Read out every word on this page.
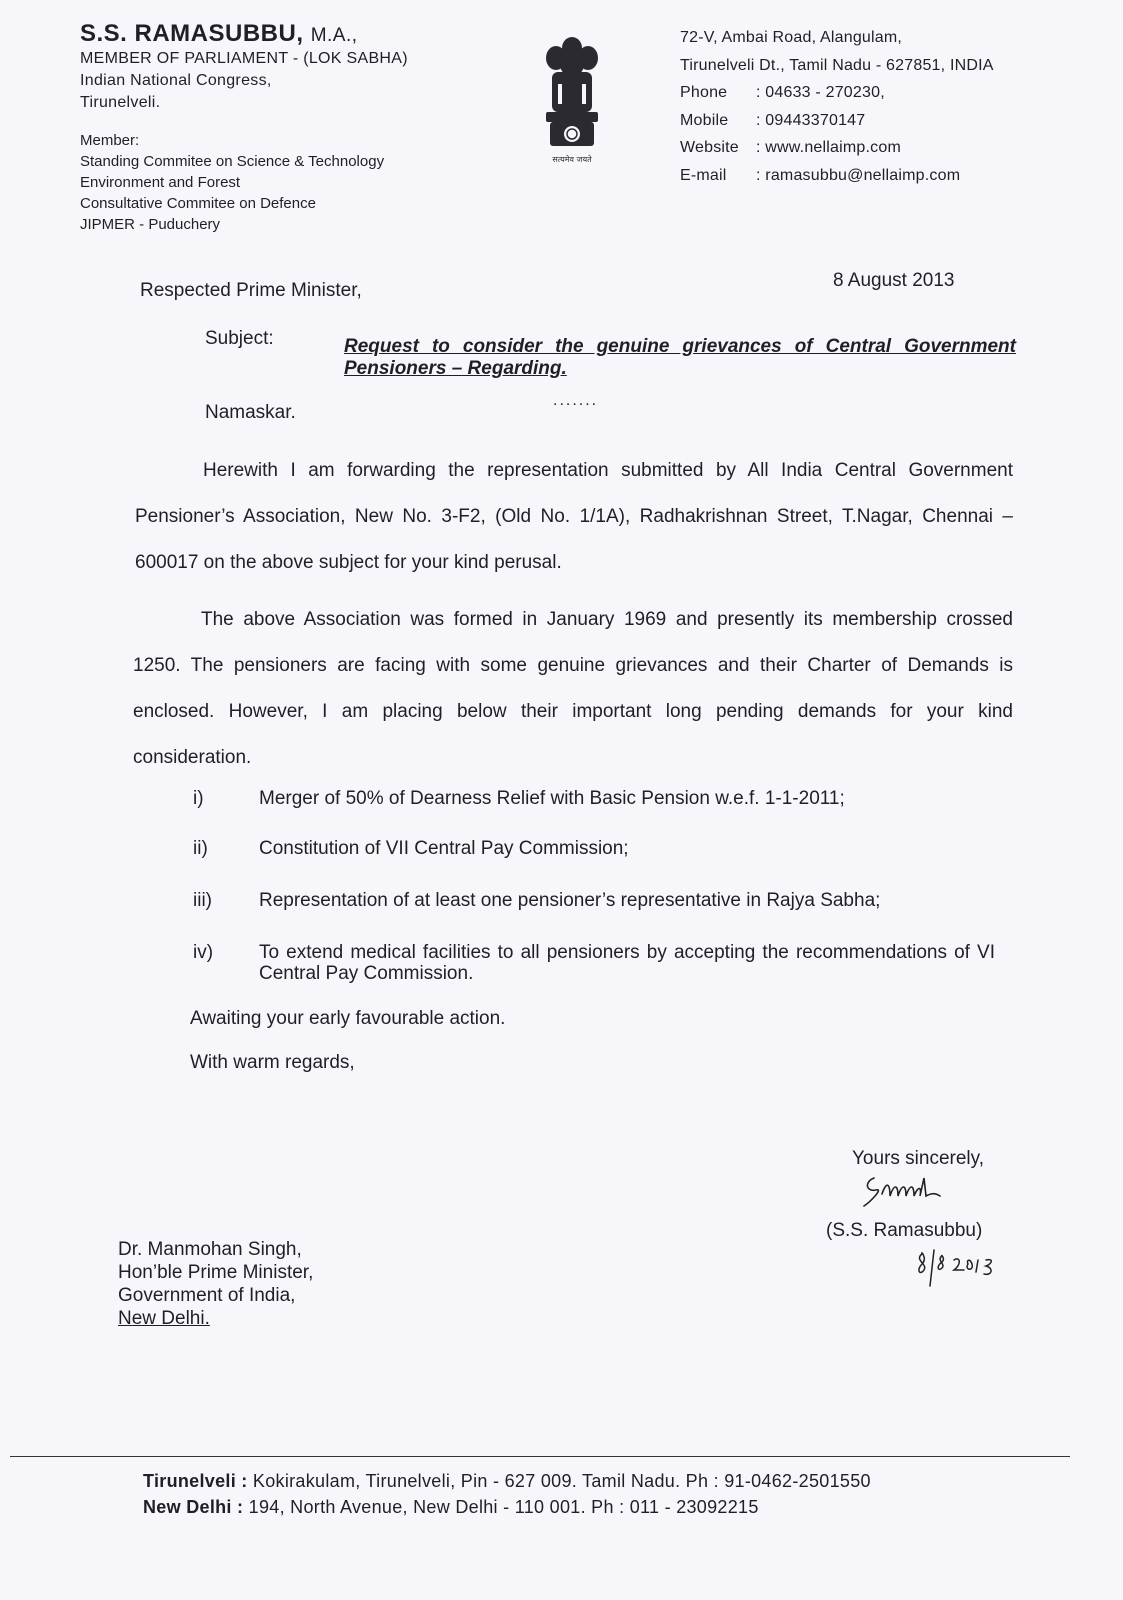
S.S. RAMASUBBU, M.A.,
MEMBER OF PARLIAMENT - (LOK SABHA)
Indian National Congress,
Tirunelveli.
Member:
Standing Commitee on Science & Technology
Environment and Forest
Consultative Commitee on Defence
JIPMER - Puduchery
सत्यमेव जयते
72-V, Ambai Road, Alangulam,
Tirunelveli Dt., Tamil Nadu - 627851, INDIA
Phone	: 04633 - 270230,
Mobile	: 09443370147
Website	: www.nellaimp.com
E-mail	: ramasubbu@nellaimp.com
8 August 2013
Respected Prime Minister,
Subject:	Request to consider the genuine grievances of Central Government Pensioners – Regarding.
.......
Namaskar.
Herewith I am forwarding the representation submitted by All India Central Government Pensioner’s Association, New No. 3-F2, (Old No. 1/1A), Radhakrishnan Street, T.Nagar, Chennai – 600017 on the above subject for your kind perusal.
The above Association was formed in January 1969 and presently its membership crossed 1250. The pensioners are facing with some genuine grievances and their Charter of Demands is enclosed. However, I am placing below their important long pending demands for your kind consideration.
i)	Merger of 50% of Dearness Relief with Basic Pension w.e.f. 1-1-2011;
ii)	Constitution of VII Central Pay Commission;
iii) Representation of at least one pensioner’s representative in Rajya Sabha;
iv) To extend medical facilities to all pensioners by accepting the recommendations of VI Central Pay Commission.
Awaiting your early favourable action.
With warm regards,
Yours sincerely,
(S.S. Ramasubbu)
Dr. Manmohan Singh,
Hon’ble Prime Minister,
Government of India,
New Delhi.
Tirunelveli : Kokirakulam, Tirunelveli, Pin - 627 009. Tamil Nadu. Ph : 91-0462-2501550
New Delhi : 194, North Avenue, New Delhi - 110 001. Ph : 011 - 23092215
